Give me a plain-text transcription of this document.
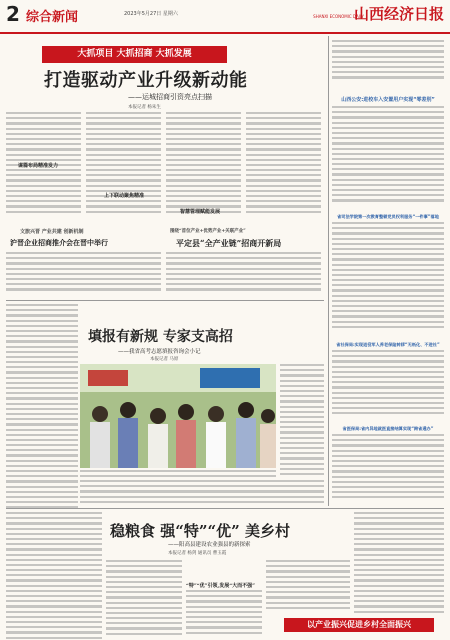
2 综合新闻	2023年5月27日 星期六	山西经济日报
SHANXI ECONOMIC DAILY
大抓项目 大抓招商 大抓发展
打造驱动产业升级新动能
——运城招商引资亮点扫描
本报记者 杨朱生
谋篇布局精准发力
上下联动聚焦精准
智慧管理赋能发展
文旅兴晋 产业共建 创新机制
沪晋企业招商推介会在晋中举行
围绕“首位产业+优势产业+关联产业”
平定县“全产业链”招商开新局
填报有新规 专家支高招
——我省高考志愿填报咨询会小记
本报记者 马原
山西公安:进校车入安置用户实现“零差别”
省司法学院第一次教育整顿党员权利服务“一件事”落地
省社保局:实现退役军人养老保险转移“无纸化、不进社”
省医保局:省内异地就医直接结算实现“跨省通办”
稳粮食 强“特”“优” 美乡村
——阳高县建设农业强县的新探索
本报记者 杨剑 通讯员 曹玉霞
“特”“优”引领,发展“大而不强”
以产业振兴促进乡村全面振兴
